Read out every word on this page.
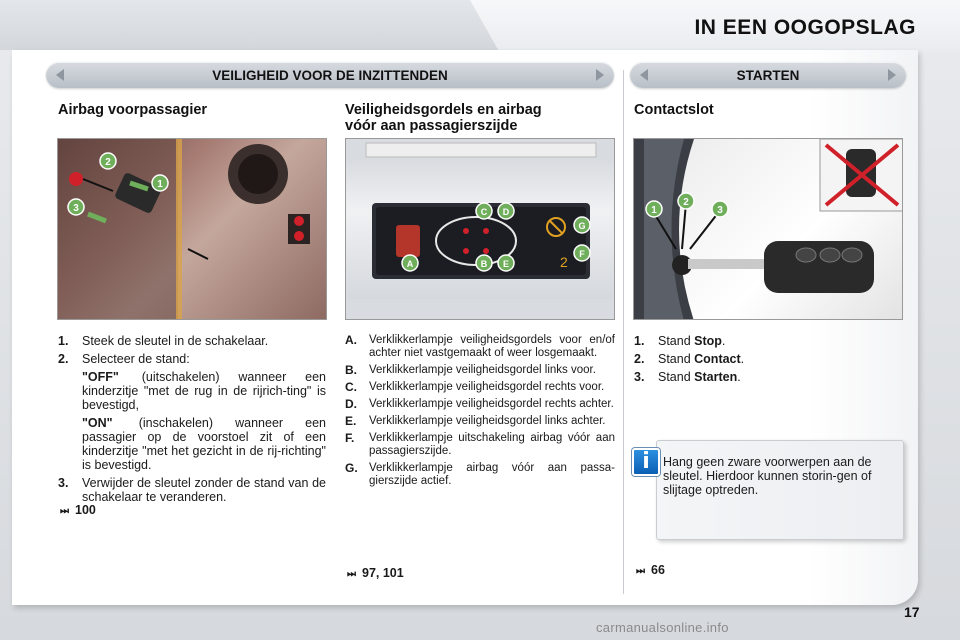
IN EEN OOGOPSLAG
VEILIGHEID VOOR DE INZITTENDEN	STARTEN
Airbag voorpassagier
2
1
3
1.	Steek de sleutel in de schakelaar.
2.	Selecteer de stand:
"OFF" (uitschakelen) wanneer een kinderzitje "met de rug in de rijrich-ting" is bevestigd,
"ON" (inschakelen) wanneer een passagier op de voorstoel zit of een kinderzitje "met het gezicht in de rij-richting" is bevestigd.
3.	Verwijder de sleutel zonder de stand van de schakelaar te veranderen.
⏭ 100
Veiligheidsgordels en airbag
vóór aan passagierszijde
2
A	B E
C D
G
F
A.	Verklikkerlampje veiligheidsgordels voor en/of achter niet vastgemaakt of weer losgemaakt.
B.	Verklikkerlampje veiligheidsgordel links voor.
C.	Verklikkerlampje veiligheidsgordel rechts voor.
D.	Verklikkerlampje veiligheidsgordel rechts achter.
E.	Verklikkerlampje veiligheidsgordel links achter.
F.	Verklikkerlampje uitschakeling airbag vóór aan passagierszijde.
G. Verklikkerlampje airbag vóór aan passa-gierszijde actief.
⏭ 97, 101
Contactslot
1
2
3
1.	Stand Stop.
2.	Stand Contact.
3.	Stand Starten.
i	Hang geen zware voorwerpen aan de sleutel. Hierdoor kunnen storin-gen of slijtage optreden.
⏭ 66
17
carmanualsonline.info
